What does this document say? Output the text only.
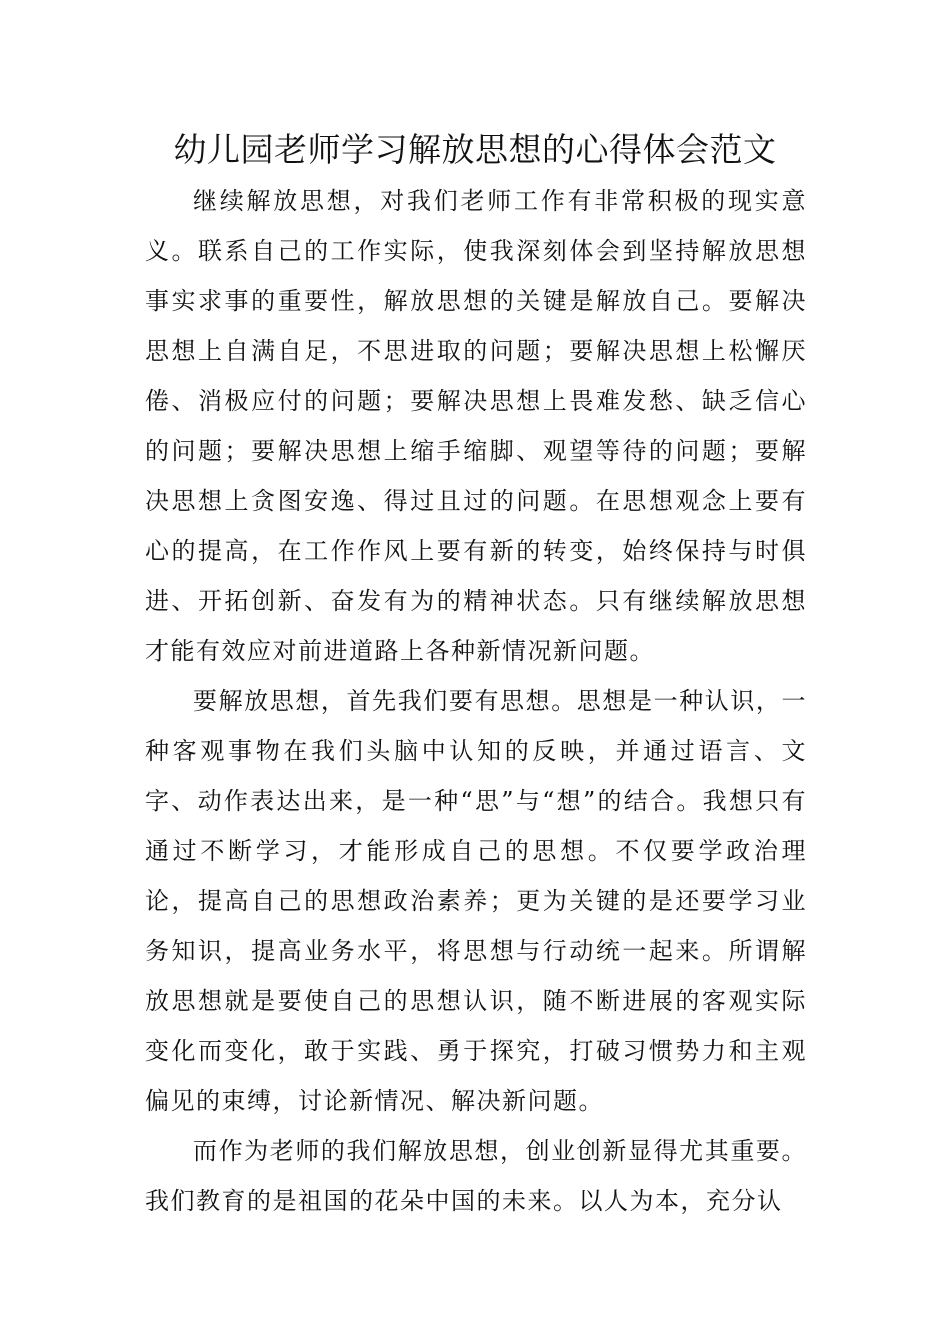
幼儿园老师学习解放思想的心得体会范文

继续解放思想，对我们老师工作有非常积极的现实意义。联系自己的工作实际，使我深刻体会到坚持解放思想事实求事的重要性，解放思想的关键是解放自己。要解决思想上自满自足，不思进取的问题；要解决思想上松懈厌倦、消极应付的问题；要解决思想上畏难发愁、缺乏信心的问题；要解决思想上缩手缩脚、观望等待的问题；要解决思想上贪图安逸、得过且过的问题。在思想观念上要有心的提高，在工作作风上要有新的转变，始终保持与时俱进、开拓创新、奋发有为的精神状态。只有继续解放思想才能有效应对前进道路上各种新情况新问题。

要解放思想，首先我们要有思想。思想是一种认识，一种客观事物在我们头脑中认知的反映，并通过语言、文字、动作表达出来，是一种“思”与“想”的结合。我想只有通过不断学习，才能形成自己的思想。不仅要学政治理论，提高自己的思想政治素养；更为关键的是还要学习业务知识，提高业务水平，将思想与行动统一起来。所谓解放思想就是要使自己的思想认识，随不断进展的客观实际变化而变化，敢于实践、勇于探究，打破习惯势力和主观偏见的束缚，讨论新情况、解决新问题。

而作为老师的我们解放思想，创业创新显得尤其重要。我们教育的是祖国的花朵中国的未来。以人为本，充分认
